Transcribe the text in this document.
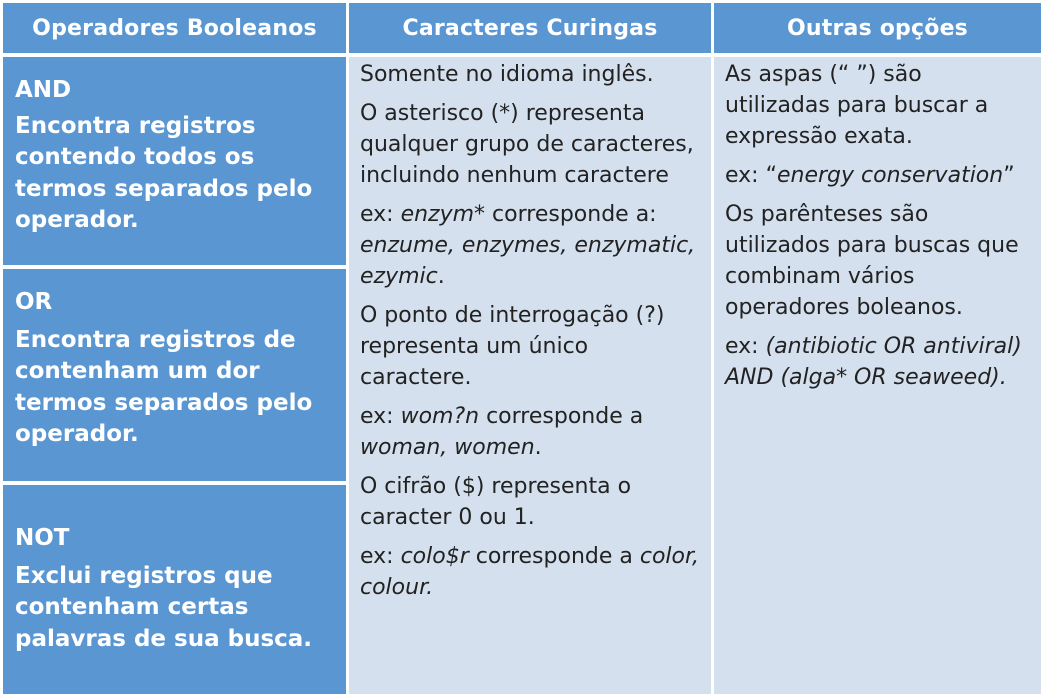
Operadores Booleanos	Caracteres Curingas	Outras opções
AND
Encontra registros contendo todos os termos separados pelo operador.

Somente no idioma inglês.

O asterisco (*) representa qualquer grupo de caracteres, incluindo nenhum caractere

ex: enzym* corresponde a: enzume, enzymes, enzymatic, ezymic.

O ponto de interrogação (?) representa um único caractere.

ex: wom?n corresponde a woman, women.

O cifrão ($) representa o caracter 0 ou 1.

ex: colo$r corresponde a color, colour.

As aspas (“ ”) são utilizadas para buscar a expressão exata.

ex: “energy conservation”

Os parênteses são utilizados para buscas que combinam vários operadores boleanos.

ex: (antibiotic OR antiviral) AND (alga* OR seaweed).

OR
Encontra registros de contenham um dor termos separados pelo operador.
NOT
Exclui registros que contenham certas palavras de sua busca.
